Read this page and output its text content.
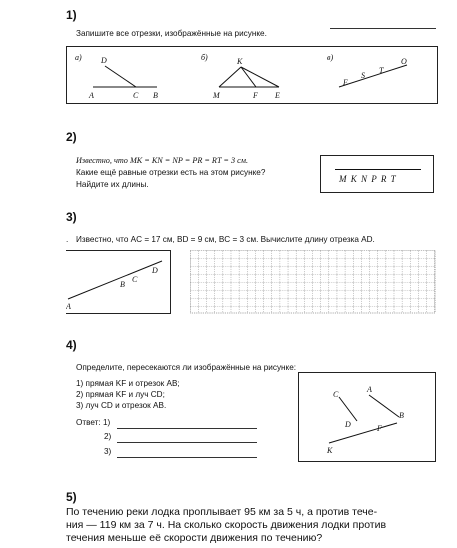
1)
Запишите все отрезки, изображённые на рисунке.
а) D
A	C B
б)	K
M	F E
в)
E
S
T
O
2)
Известно, что MK = KN = NP = PR = RT = 3 см.
Какие ещё равные отрезки есть на этом рисунке?
Найдите их длины.
M K N P R T
3)
. Известно, что AC = 17 см, BD = 9 см, BC = 3 см. Вычислите длину отрезка AD.
A
B
C
D
4)
Определите, пересекаются ли изображённые на рисунке:
1) прямая KF и отрезок AB;
2) прямая KF и луч CD;
3) луч CD и отрезок AB.
Ответ: 1)
2)
3)
C
A
B
D	F
K
5)
По течению реки лодка проплывает 95 км за 5 ч, а против тече-
ния — 119 км за 7 ч. На сколько скорость движения лодки против
течения меньше её скорости движения по течению?
